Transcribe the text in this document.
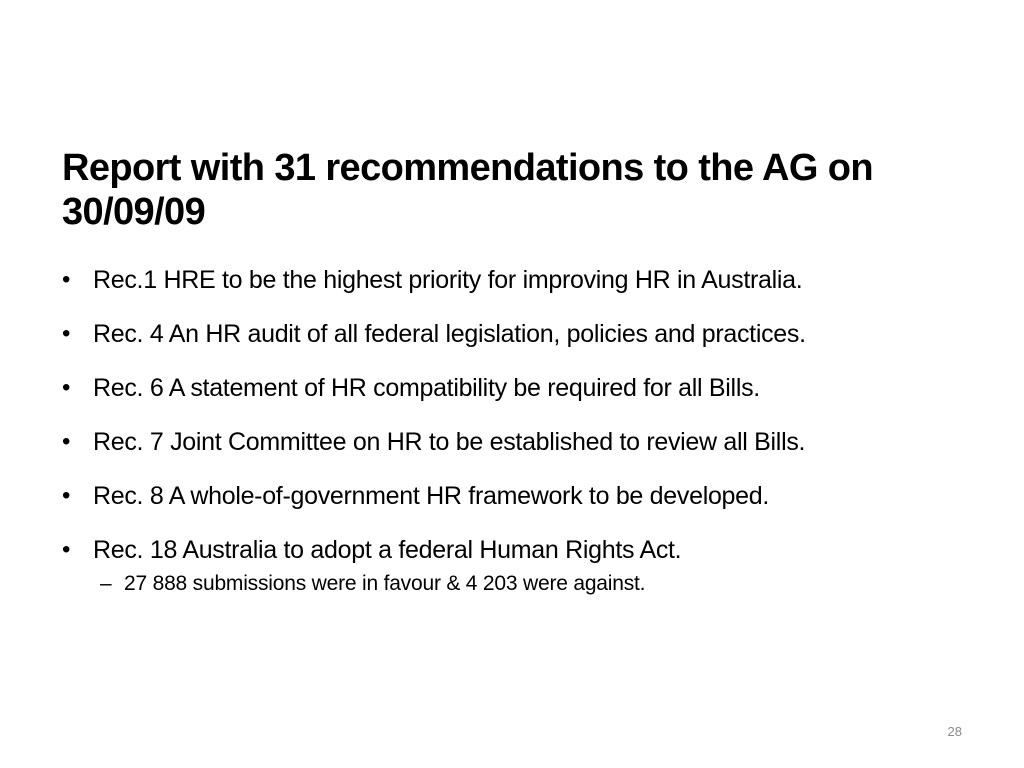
Report with 31 recommendations to the AG on 30/09/09
• Rec.1 HRE to be the highest priority for improving HR in Australia.
• Rec. 4 An HR audit of all federal legislation, policies and practices.
• Rec. 6 A statement of HR compatibility be required for all Bills.
• Rec. 7 Joint Committee on HR to be established to review all Bills.
• Rec. 8 A whole-of-government HR framework to be developed.
• Rec. 18 Australia to adopt a federal Human Rights Act.
– 27 888 submissions were in favour & 4 203 were against.
28
